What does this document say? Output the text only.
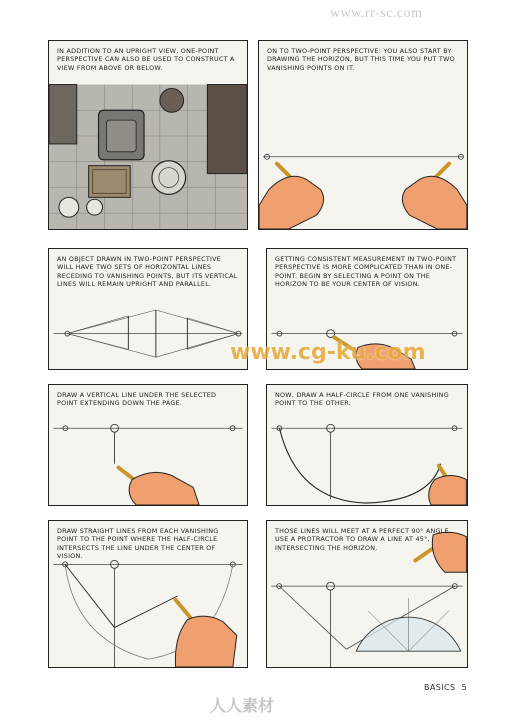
www.rr-sc.com
IN ADDITION TO AN UPRIGHT VIEW, ONE-POINT PERSPECTIVE CAN ALSO BE USED TO CONSTRUCT A VIEW FROM ABOVE OR BELOW.
ON TO TWO-POINT PERSPECTIVE: YOU ALSO START BY DRAWING THE HORIZON, BUT THIS TIME YOU PUT TWO VANISHING POINTS ON IT.
AN OBJECT DRAWN IN TWO-POINT PERSPECTIVE WILL HAVE TWO SETS OF HORIZONTAL LINES RECEDING TO VANISHING POINTS, BUT ITS VERTICAL LINES WILL REMAIN UPRIGHT AND PARALLEL.
GETTING CONSISTENT MEASUREMENT IN TWO-POINT PERSPECTIVE IS MORE COMPLICATED THAN IN ONE-POINT. BEGIN BY SELECTING A POINT ON THE HORIZON TO BE YOUR CENTER OF VISION.
DRAW A VERTICAL LINE UNDER THE SELECTED POINT EXTENDING DOWN THE PAGE.
NOW, DRAW A HALF-CIRCLE FROM ONE VANISHING POINT TO THE OTHER.
DRAW STRAIGHT LINES FROM EACH VANISHING POINT TO THE POINT WHERE THE HALF-CIRCLE INTERSECTS THE LINE UNDER THE CENTER OF VISION.
THOSE LINES WILL MEET AT A PERFECT 90° ANGLE. USE A PROTRACTOR TO DRAW A LINE AT 45°, INTERSECTING THE HORIZON.
www.cg-ku.com
人人素材
BASICS 5
